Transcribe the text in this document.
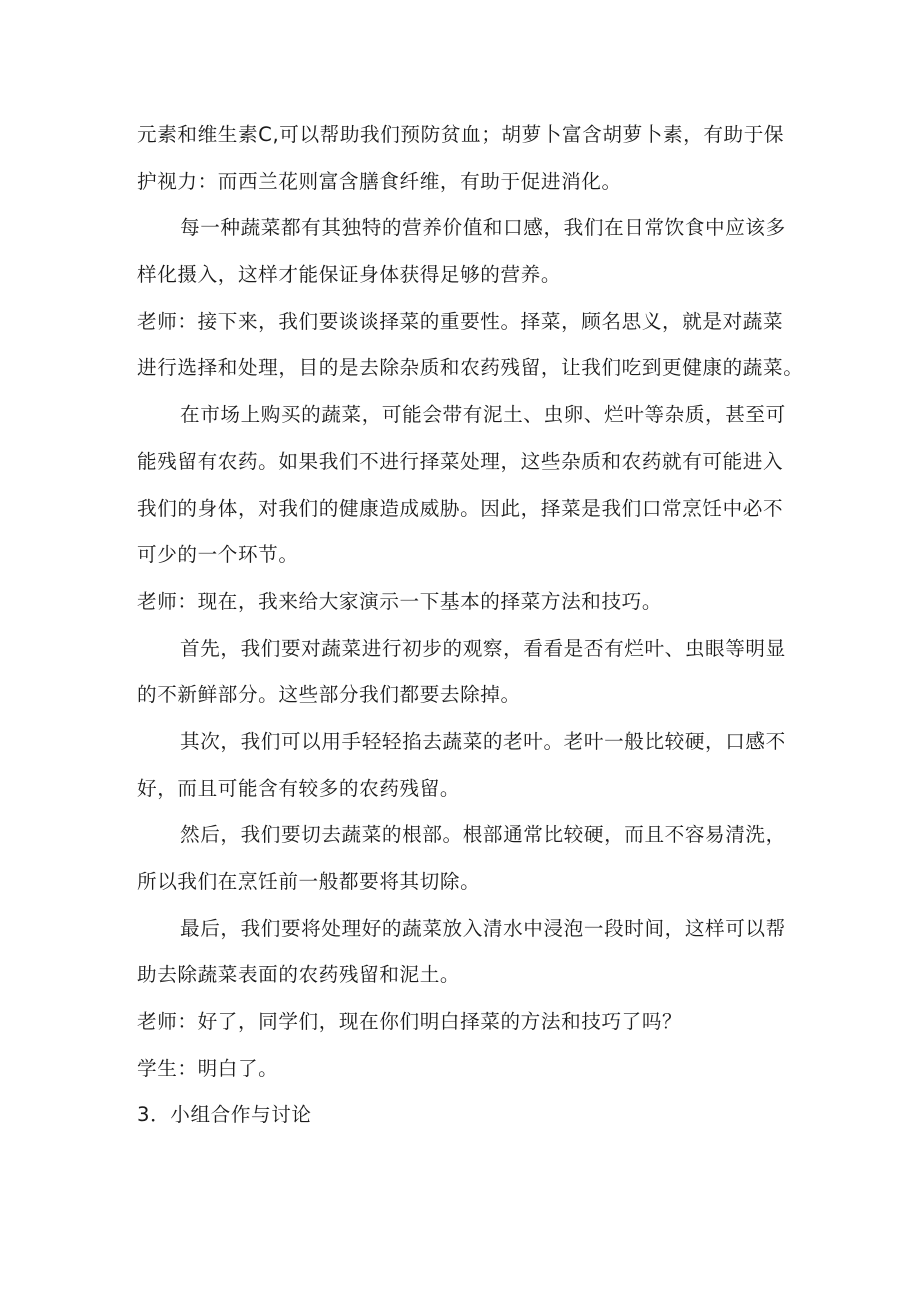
元素和维生素C,可以帮助我们预防贫血；胡萝卜富含胡萝卜素，有助于保
护视力：而西兰花则富含膳食纤维，有助于促进消化。
每一种蔬菜都有其独特的营养价值和口感，我们在日常饮食中应该多
样化摄入，这样才能保证身体获得足够的营养。
老师：接下来，我们要谈谈择菜的重要性。择菜，顾名思义，就是对蔬菜
进行选择和处理，目的是去除杂质和农药残留，让我们吃到更健康的蔬菜。
在市场上购买的蔬菜，可能会带有泥土、虫卵、烂叶等杂质，甚至可
能残留有农药。如果我们不进行择菜处理，这些杂质和农药就有可能进入
我们的身体，对我们的健康造成威胁。因此，择菜是我们口常烹饪中必不
可少的一个环节。
老师：现在，我来给大家演示一下基本的择菜方法和技巧。
首先，我们要对蔬菜进行初步的观察，看看是否有烂叶、虫眼等明显
的不新鲜部分。这些部分我们都要去除掉。
其次，我们可以用手轻轻掐去蔬菜的老叶。老叶一般比较硬，口感不
好，而且可能含有较多的农药残留。
然后，我们要切去蔬菜的根部。根部通常比较硬，而且不容易清洗，
所以我们在烹饪前一般都要将其切除。
最后，我们要将处理好的蔬菜放入清水中浸泡一段时间，这样可以帮
助去除蔬菜表面的农药残留和泥土。
老师：好了，同学们，现在你们明白择菜的方法和技巧了吗？
学生：明白了。
3．小组合作与讨论
